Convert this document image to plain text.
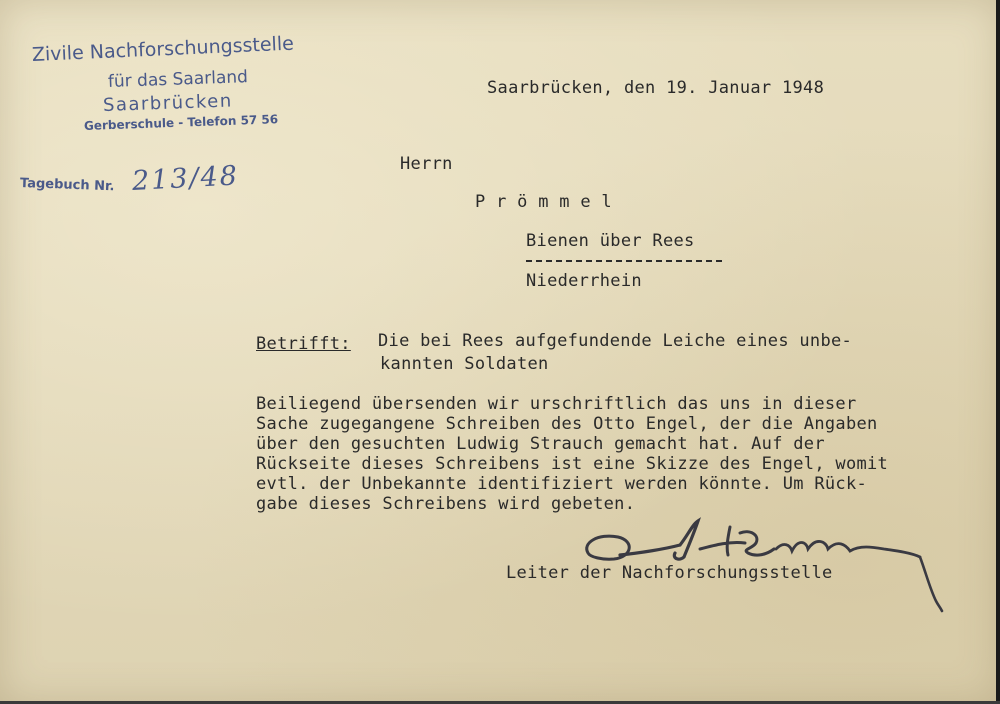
Zivile Nachforschungsstelle
für das Saarland
Saarbrücken
Gerberschule - Telefon 57 56
Tagebuch Nr. 213/48
Saarbrücken, den 19. Januar 1948
Herrn
P r ö m m e l
Bienen über Rees
Niederrhein
Betrifft: Die bei Rees aufgefundende Leiche eines unbe-
kannten Soldaten
Beiliegend übersenden wir urschriftlich das uns in dieser
Sache zugegangene Schreiben des Otto Engel, der die Angaben
über den gesuchten Ludwig Strauch gemacht hat. Auf der
Rückseite dieses Schreibens ist eine Skizze des Engel, womit
evtl. der Unbekannte identifiziert werden könnte. Um Rück-
gabe dieses Schreibens wird gebeten.
Leiter der Nachforschungsstelle
